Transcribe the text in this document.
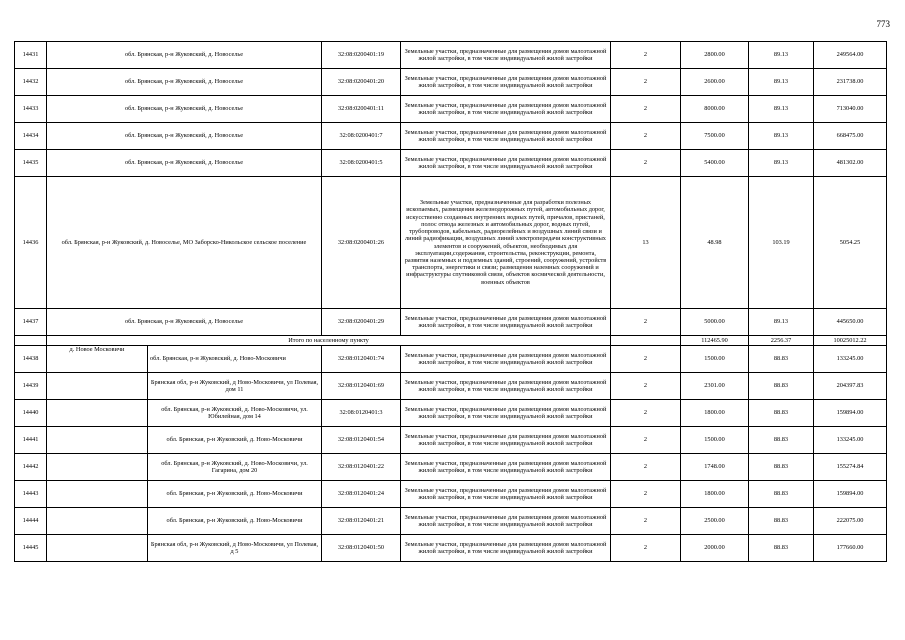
773
14431	обл. Брянская, р-н Жуковский, д. Новоселье		32:08:0200401:19	Земельные участки, предназначенные для размещения домов малоэтажной жилой застройки, в том числе индивидуальной жилой застройки	2	2800.00	89.13	249564.00
14432	обл. Брянская, р-н Жуковский, д. Новоселье		32:08:0200401:20	Земельные участки, предназначенные для размещения домов малоэтажной жилой застройки, в том числе индивидуальной жилой застройки	2	2600.00	89.13	231738.00
14433	обл. Брянская, р-н Жуковский, д. Новоселье		32:08:0200401:11	Земельные участки, предназначенные для размещения домов малоэтажной жилой застройки, в том числе индивидуальной жилой застройки	2	8000.00	89.13	713040.00
14434	обл. Брянская, р-н Жуковский, д. Новоселье		32:08:0200401:7	Земельные участки, предназначенные для размещения домов малоэтажной жилой застройки, в том числе индивидуальной жилой застройки	2	7500.00	89.13	668475.00
14435	обл. Брянская, р-н Жуковский, д. Новоселье		32:08:0200401:5	Земельные участки, предназначенные для размещения домов малоэтажной жилой застройки, в том числе индивидуальной жилой застройки	2	5400.00	89.13	481302.00
14436	обл. Брянская, р-н Жуковский, д. Новоселье, МО Заборско-Никольское сельское поселение		32:08:0200401:26	Земельные участки, предназначенные для разработки полезных ископаемых, размещения железнодорожных путей, автомобильных дорог, искусственно созданных внутренних водных путей, причалов, пристаней, полос отвода железных и автомобильных дорог, водных путей, трубопроводов, кабельных, радиорелейных и воздушных линий связи и линий радиофикации, воздушных линий электропередачи конструктивных элементов и сооружений, объектов, необходимых для эксплуатации,содержания, строительства, реконструкции, ремонта, развития наземных и подземных зданий, строений, сооружений, устройств транспорта, энергетики и связи; размещения наземных сооружений и инфраструктуры спутниковой связи, объектов космической деятельности, военных объектов	13	48.98	103.19	5054.25
14437	обл. Брянская, р-н Жуковский, д. Новоселье		32:08:0200401:29	Земельные участки, предназначенные для размещения домов малоэтажной жилой застройки, в том числе индивидуальной жилой застройки	2	5000.00	89.13	445650.00
	Итого по населенному пункту					112465.90	2256.37	10025012.22
14438	д. Новое Московичи	обл. Брянская, р-н Жуковский, д. Ново-Московичи	32:08:0120401:74	Земельные участки, предназначенные для размещения домов малоэтажной жилой застройки, в том числе индивидуальной жилой застройки	2	1500.00	88.83	133245.00
14439		Брянская обл, р-н Жуковский, д Ново-Московичи, ул Полевая, дом 11	32:08:0120401:69	Земельные участки, предназначенные для размещения домов малоэтажной жилой застройки, в том числе индивидуальной жилой застройки	2	2301.00	88.83	204397.83
14440		обл. Брянская, р-н Жуковский, д. Ново-Московичи, ул. Юбилейная, дом 14	32:08:0120401:3	Земельные участки, предназначенные для размещения домов малоэтажной жилой застройки, в том числе индивидуальной жилой застройки	2	1800.00	88.83	159894.00
14441		обл. Брянская, р-н Жуковский, д. Ново-Московичи	32:08:0120401:54	Земельные участки, предназначенные для размещения домов малоэтажной жилой застройки, в том числе индивидуальной жилой застройки	2	1500.00	88.83	133245.00
14442		обл. Брянская, р-н Жуковский, д. Ново-Московичи, ул. Гагарина, дом 20	32:08:0120401:22	Земельные участки, предназначенные для размещения домов малоэтажной жилой застройки, в том числе индивидуальной жилой застройки	2	1748.00	88.83	155274.84
14443		обл. Брянская, р-н Жуковский, д. Ново-Московичи	32:08:0120401:24	Земельные участки, предназначенные для размещения домов малоэтажной жилой застройки, в том числе индивидуальной жилой застройки	2	1800.00	88.83	159894.00
14444		обл. Брянская, р-н Жуковский, д. Ново-Московичи	32:08:0120401:21	Земельные участки, предназначенные для размещения домов малоэтажной жилой застройки, в том числе индивидуальной жилой застройки	2	2500.00	88.83	222075.00
14445		Брянская обл, р-н Жуковский, д Ново-Московичи, ул Полевая, д 5	32:08:0120401:50	Земельные участки, предназначенные для размещения домов малоэтажной жилой застройки, в том числе индивидуальной жилой застройки	2	2000.00	88.83	177660.00
